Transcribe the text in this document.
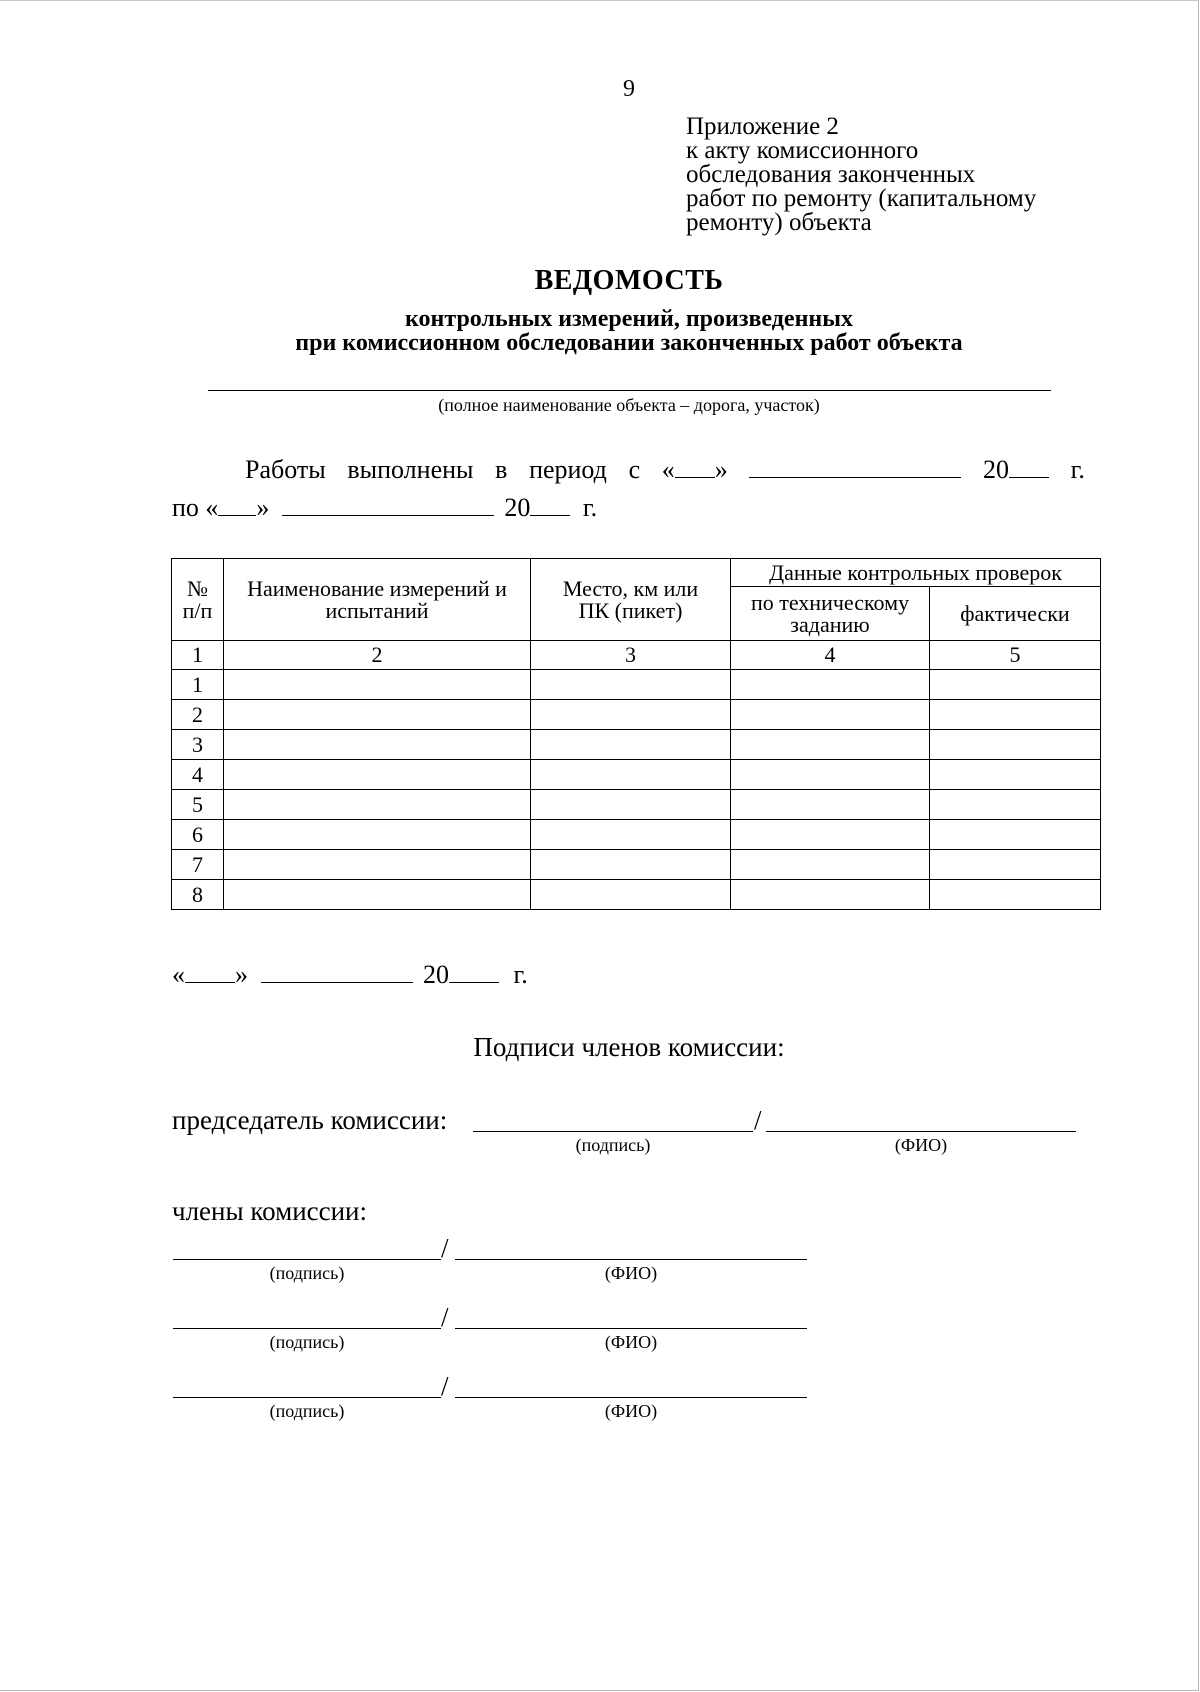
9
Приложение 2
к акту комиссионного
обследования законченных
работ по ремонту (капитальному
ремонту) объекта
ВЕДОМОСТЬ
контрольных измерений, произведенных
при комиссионном обследовании законченных работ объекта
(полное наименование объекта – дорога, участок)
Работы выполнены в период с « »	20	г.
по « »	20 г.
№ п/п	Наименование измерений и испытаний	Место, км или ПК (пикет)	Данные контрольных проверок	

			по техническому заданию	фактически
1	2	3	4	5
1				
2				
3				
4				
5				
6				
7				
8				
« »	20 г.
Подписи членов комиссии:
председатель комиссии:	/
(подпись)	(ФИО)
члены комиссии:
/
(подпись)	(ФИО)
/
(подпись)	(ФИО)
/
(подпись)	(ФИО)
